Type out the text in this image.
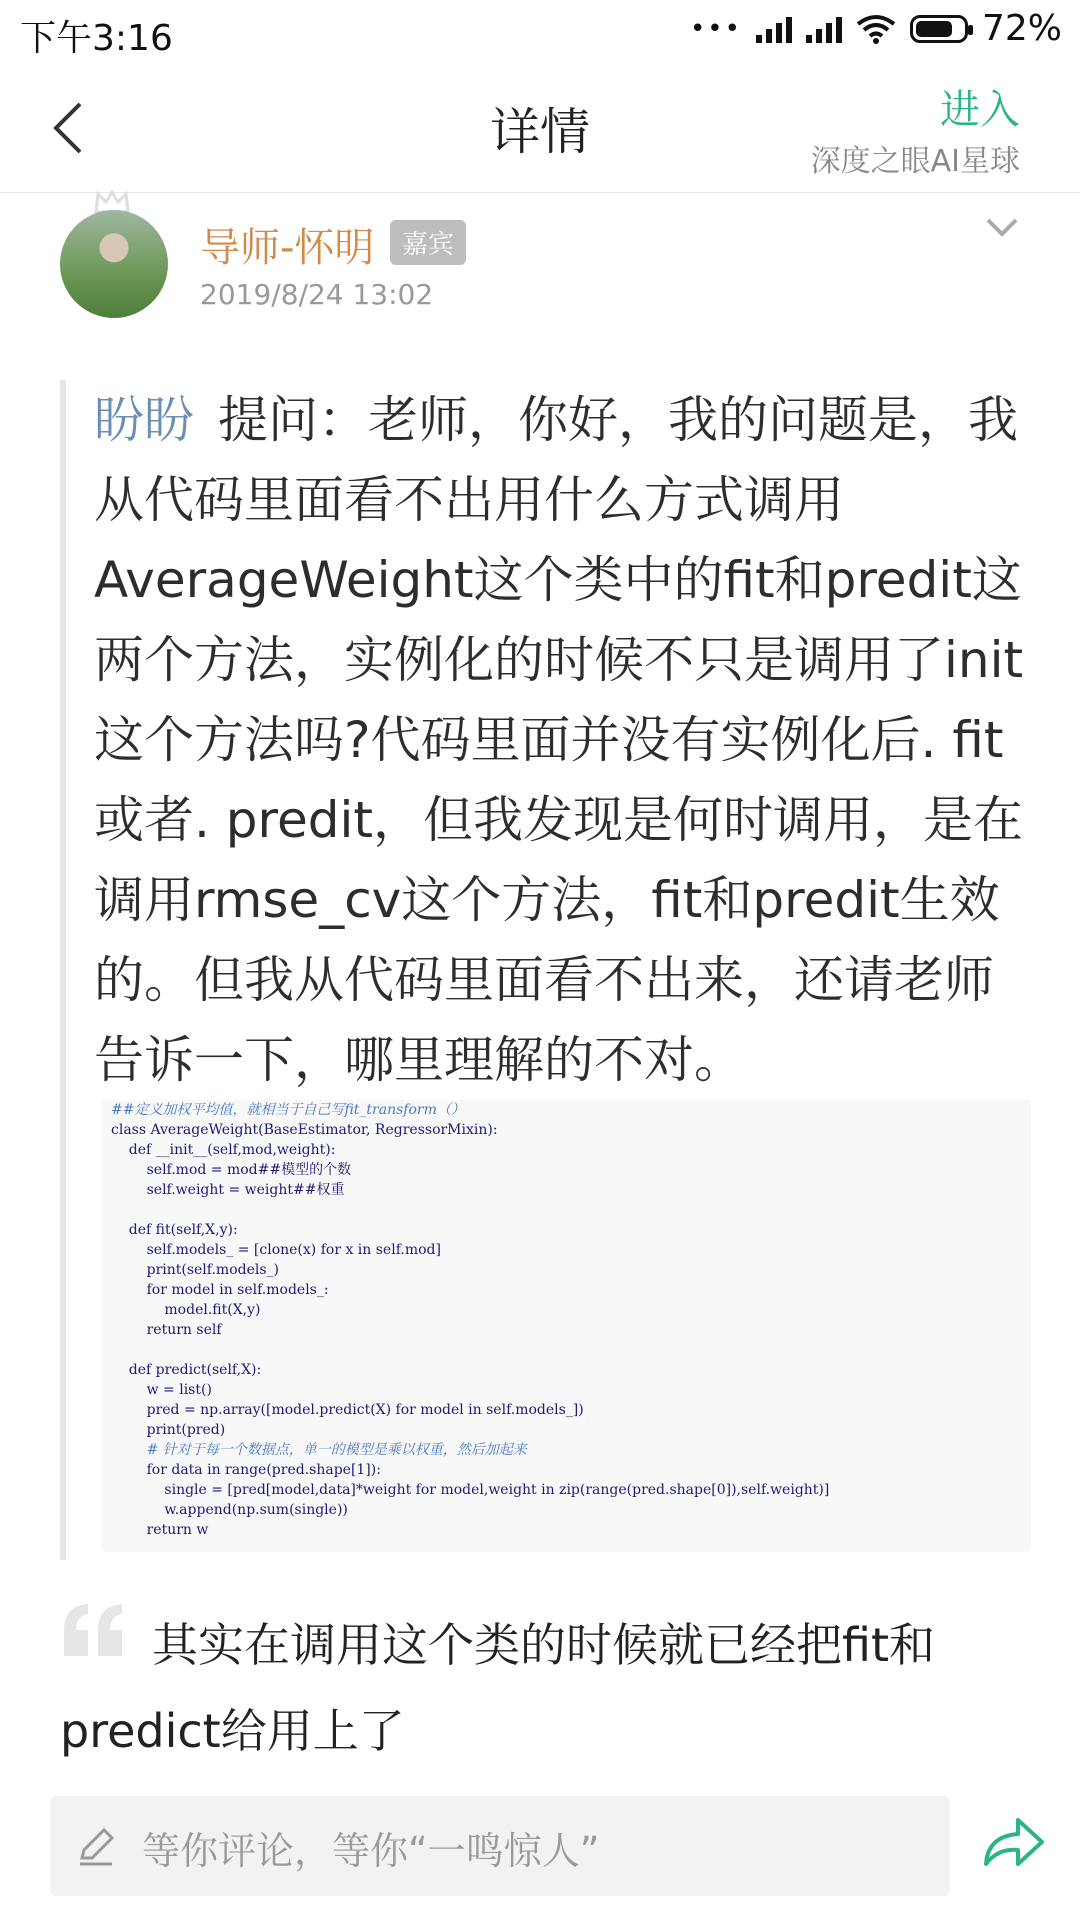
下午3:16	•••	72%
详情	进入
深度之眼AI星球
导师-怀明	嘉宾
2019/8/24 13:02
盼盼 提问：老师，你好，我的问题是，我从代码里面看不出用什么方式调用AverageWeight这个类中的fit和predit这两个方法，实例化的时候不只是调用了init这个方法吗?代码里面并没有实例化后. fit或者. predit，但我发现是何时调用，是在调用rmse_cv这个方法，fit和predit生效的。但我从代码里面看不出来，还请老师告诉一下，哪里理解的不对。
##定义加权平均值，就相当于自己写fit_transform（）
class AverageWeight(BaseEstimator, RegressorMixin):
def __init__(self,mod,weight):
self.mod = mod##模型的个数
self.weight = weight##权重
def fit(self,X,y):
self.models_ = [clone(x) for x in self.mod]
print(self.models_)
for model in self.models_:
model.fit(X,y)
return self
def predict(self,X):
w = list()
pred = np.array([model.predict(X) for model in self.models_])
print(pred)
# 针对于每一个数据点，单一的模型是乘以权重，然后加起来
for data in range(pred.shape[1]):
single = [pred[model,data]*weight for model,weight in zip(range(pred.shape[0]),self.weight)]
w.append(np.sum(single))
return w
其实在调用这个类的时候就已经把fit和predict给用上了
等你评论，等你“一鸣惊人”
